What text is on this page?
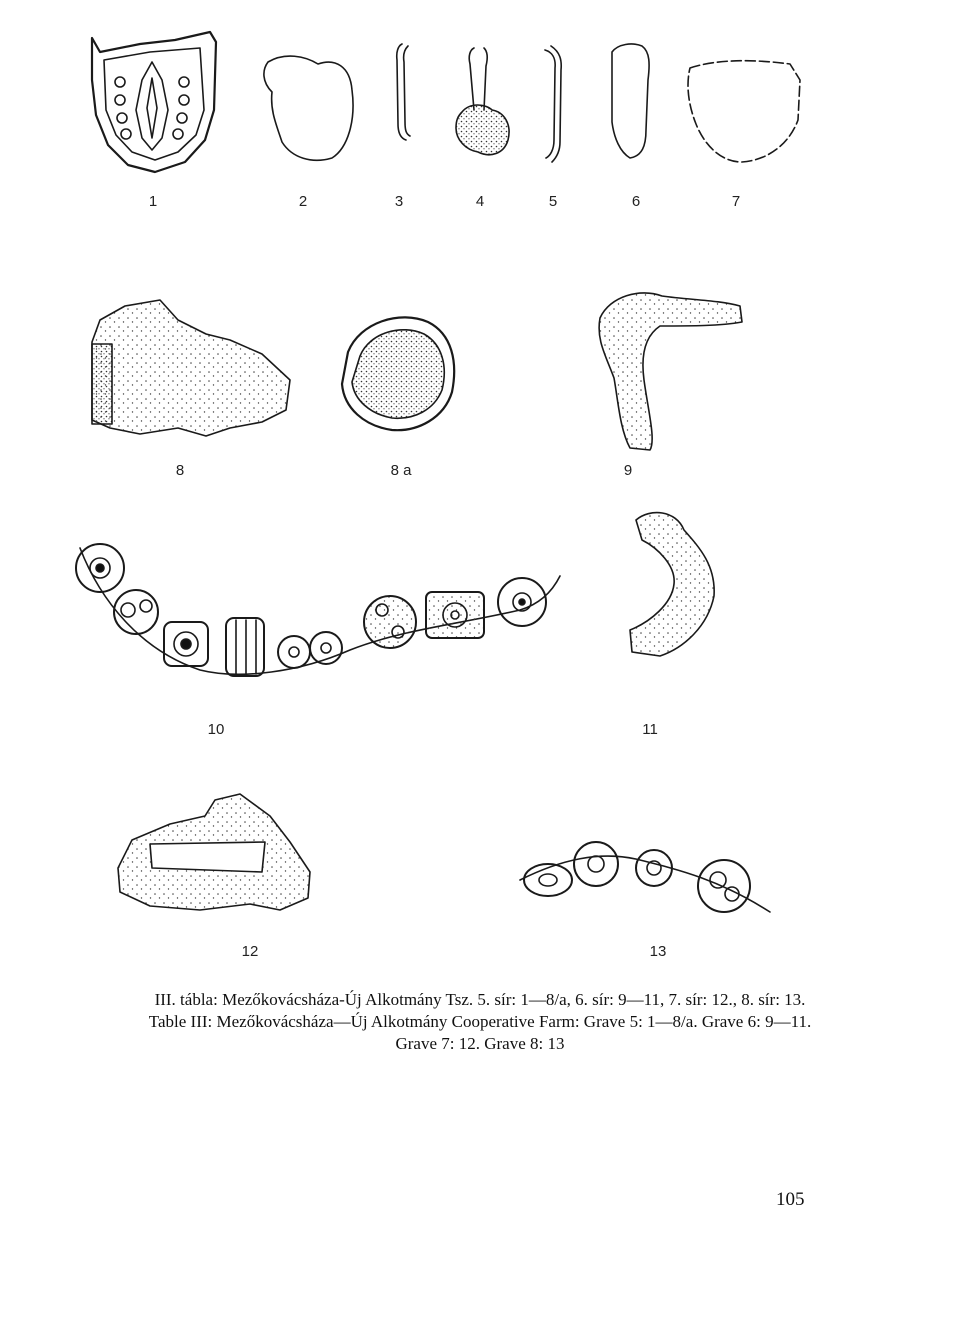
1	2	3	4	5	6	7
8	8 a	9
10	11
12	13
III. tábla: Mezőkovácsháza-Új Alkotmány Tsz. 5. sír: 1—8/a, 6. sír: 9—11, 7. sír: 12., 8. sír: 13.
Table III: Mezőkovácsháza—Új Alkotmány Cooperative Farm: Grave 5: 1—8/a. Grave 6: 9—11.
Grave 7: 12. Grave 8: 13
105
